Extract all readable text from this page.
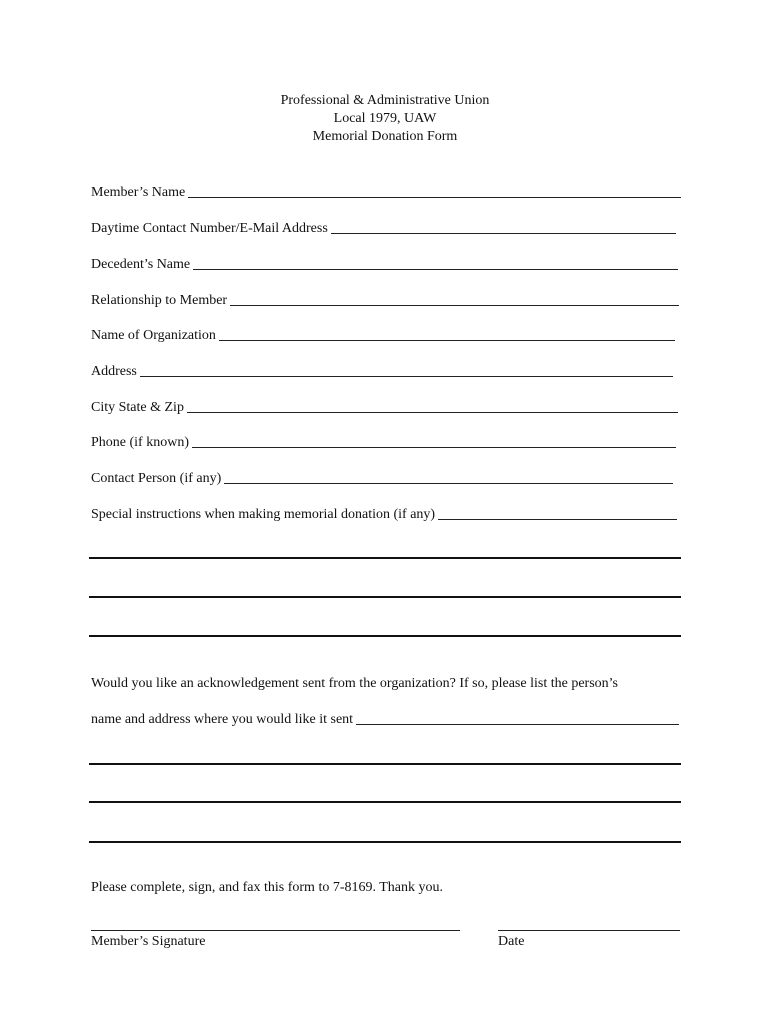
Professional & Administrative Union
Local 1979, UAW
Memorial Donation Form
Member’s Name
Daytime Contact Number/E-Mail Address
Decedent’s Name
Relationship to Member
Name of Organization
Address
City State & Zip
Phone (if known)
Contact Person (if any)
Special instructions when making memorial donation (if any)
Would you like an acknowledgement sent from the organization? If so, please list the person’s
name and address where you would like it sent
Please complete, sign, and fax this form to 7-8169. Thank you.
Member’s Signature	Date
